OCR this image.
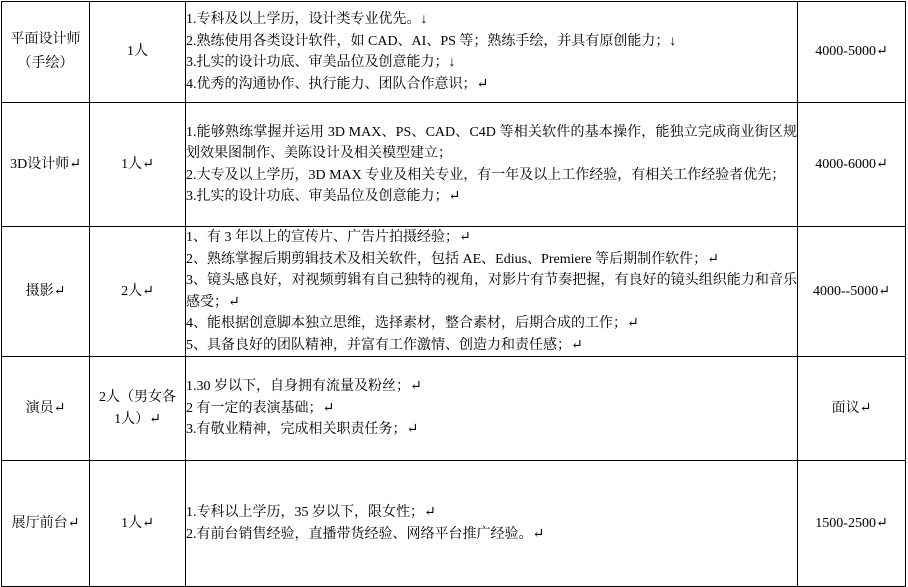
平面设计师（手绘）	1人	1.专科及以上学历，设计类专业优先。↓
2.熟练使用各类设计软件，如 CAD、AI、PS 等；熟练手绘，并具有原创能力；↓
3.扎实的设计功底、审美品位及创意能力；↓
4.优秀的沟通协作、执行能力、团队合作意识；↵	4000-5000↵
3D设计师↵	1人↵	1.能够熟练掌握并运用 3D MAX、PS、CAD、C4D 等相关软件的基本操作，能独立完成商业街区规划效果图制作、美陈设计及相关模型建立；
2.大专及以上学历，3D MAX 专业及相关专业，有一年及以上工作经验，有相关工作经验者优先；
3.扎实的设计功底、审美品位及创意能力；↵	4000-6000↵
摄影↵	2人↵	1、有 3 年以上的宣传片、广告片拍摄经验；↵
2、熟练掌握后期剪辑技术及相关软件，包括 AE、Edius、Premiere 等后期制作软件；↵
3、镜头感良好，对视频剪辑有自己独特的视角，对影片有节奏把握，有良好的镜头组织能力和音乐感受；↵
4、能根据创意脚本独立思维，选择素材，整合素材，后期合成的工作；↵
5、具备良好的团队精神，并富有工作激情、创造力和责任感；↵	4000--5000↵
演员↵	2人（男女各1人）↵	1.30 岁以下，自身拥有流量及粉丝；↵
2 有一定的表演基础；↵
3.有敬业精神，完成相关职责任务；↵	面议↵
展厅前台↵	1人↵	1.专科以上学历，35 岁以下，限女性；↵
2.有前台销售经验，直播带货经验、网络平台推广经验。↵	1500-2500↵
